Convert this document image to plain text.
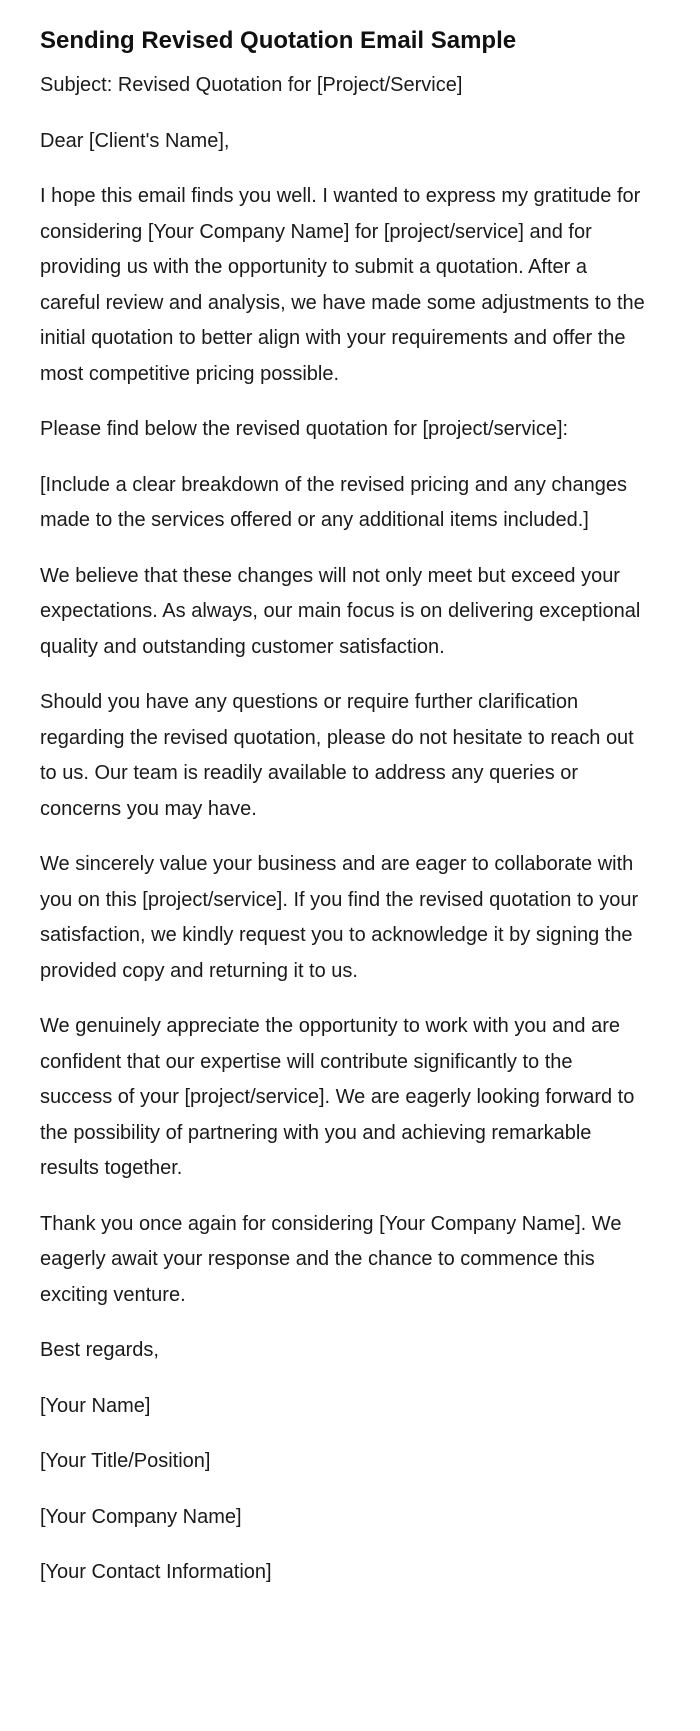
Sending Revised Quotation Email Sample

Subject: Revised Quotation for [Project/Service]

Dear [Client's Name],

I hope this email finds you well. I wanted to express my gratitude for considering [Your Company Name] for [project/service] and for providing us with the opportunity to submit a quotation. After a careful review and analysis, we have made some adjustments to the initial quotation to better align with your requirements and offer the most competitive pricing possible.

Please find below the revised quotation for [project/service]:

[Include a clear breakdown of the revised pricing and any changes made to the services offered or any additional items included.]

We believe that these changes will not only meet but exceed your expectations. As always, our main focus is on delivering exceptional quality and outstanding customer satisfaction.

Should you have any questions or require further clarification regarding the revised quotation, please do not hesitate to reach out to us. Our team is readily available to address any queries or concerns you may have.

We sincerely value your business and are eager to collaborate with you on this [project/service]. If you find the revised quotation to your satisfaction, we kindly request you to acknowledge it by signing the provided copy and returning it to us.

We genuinely appreciate the opportunity to work with you and are confident that our expertise will contribute significantly to the success of your [project/service]. We are eagerly looking forward to the possibility of partnering with you and achieving remarkable results together.

Thank you once again for considering [Your Company Name]. We eagerly await your response and the chance to commence this exciting venture.

Best regards,

[Your Name]

[Your Title/Position]

[Your Company Name]

[Your Contact Information]
